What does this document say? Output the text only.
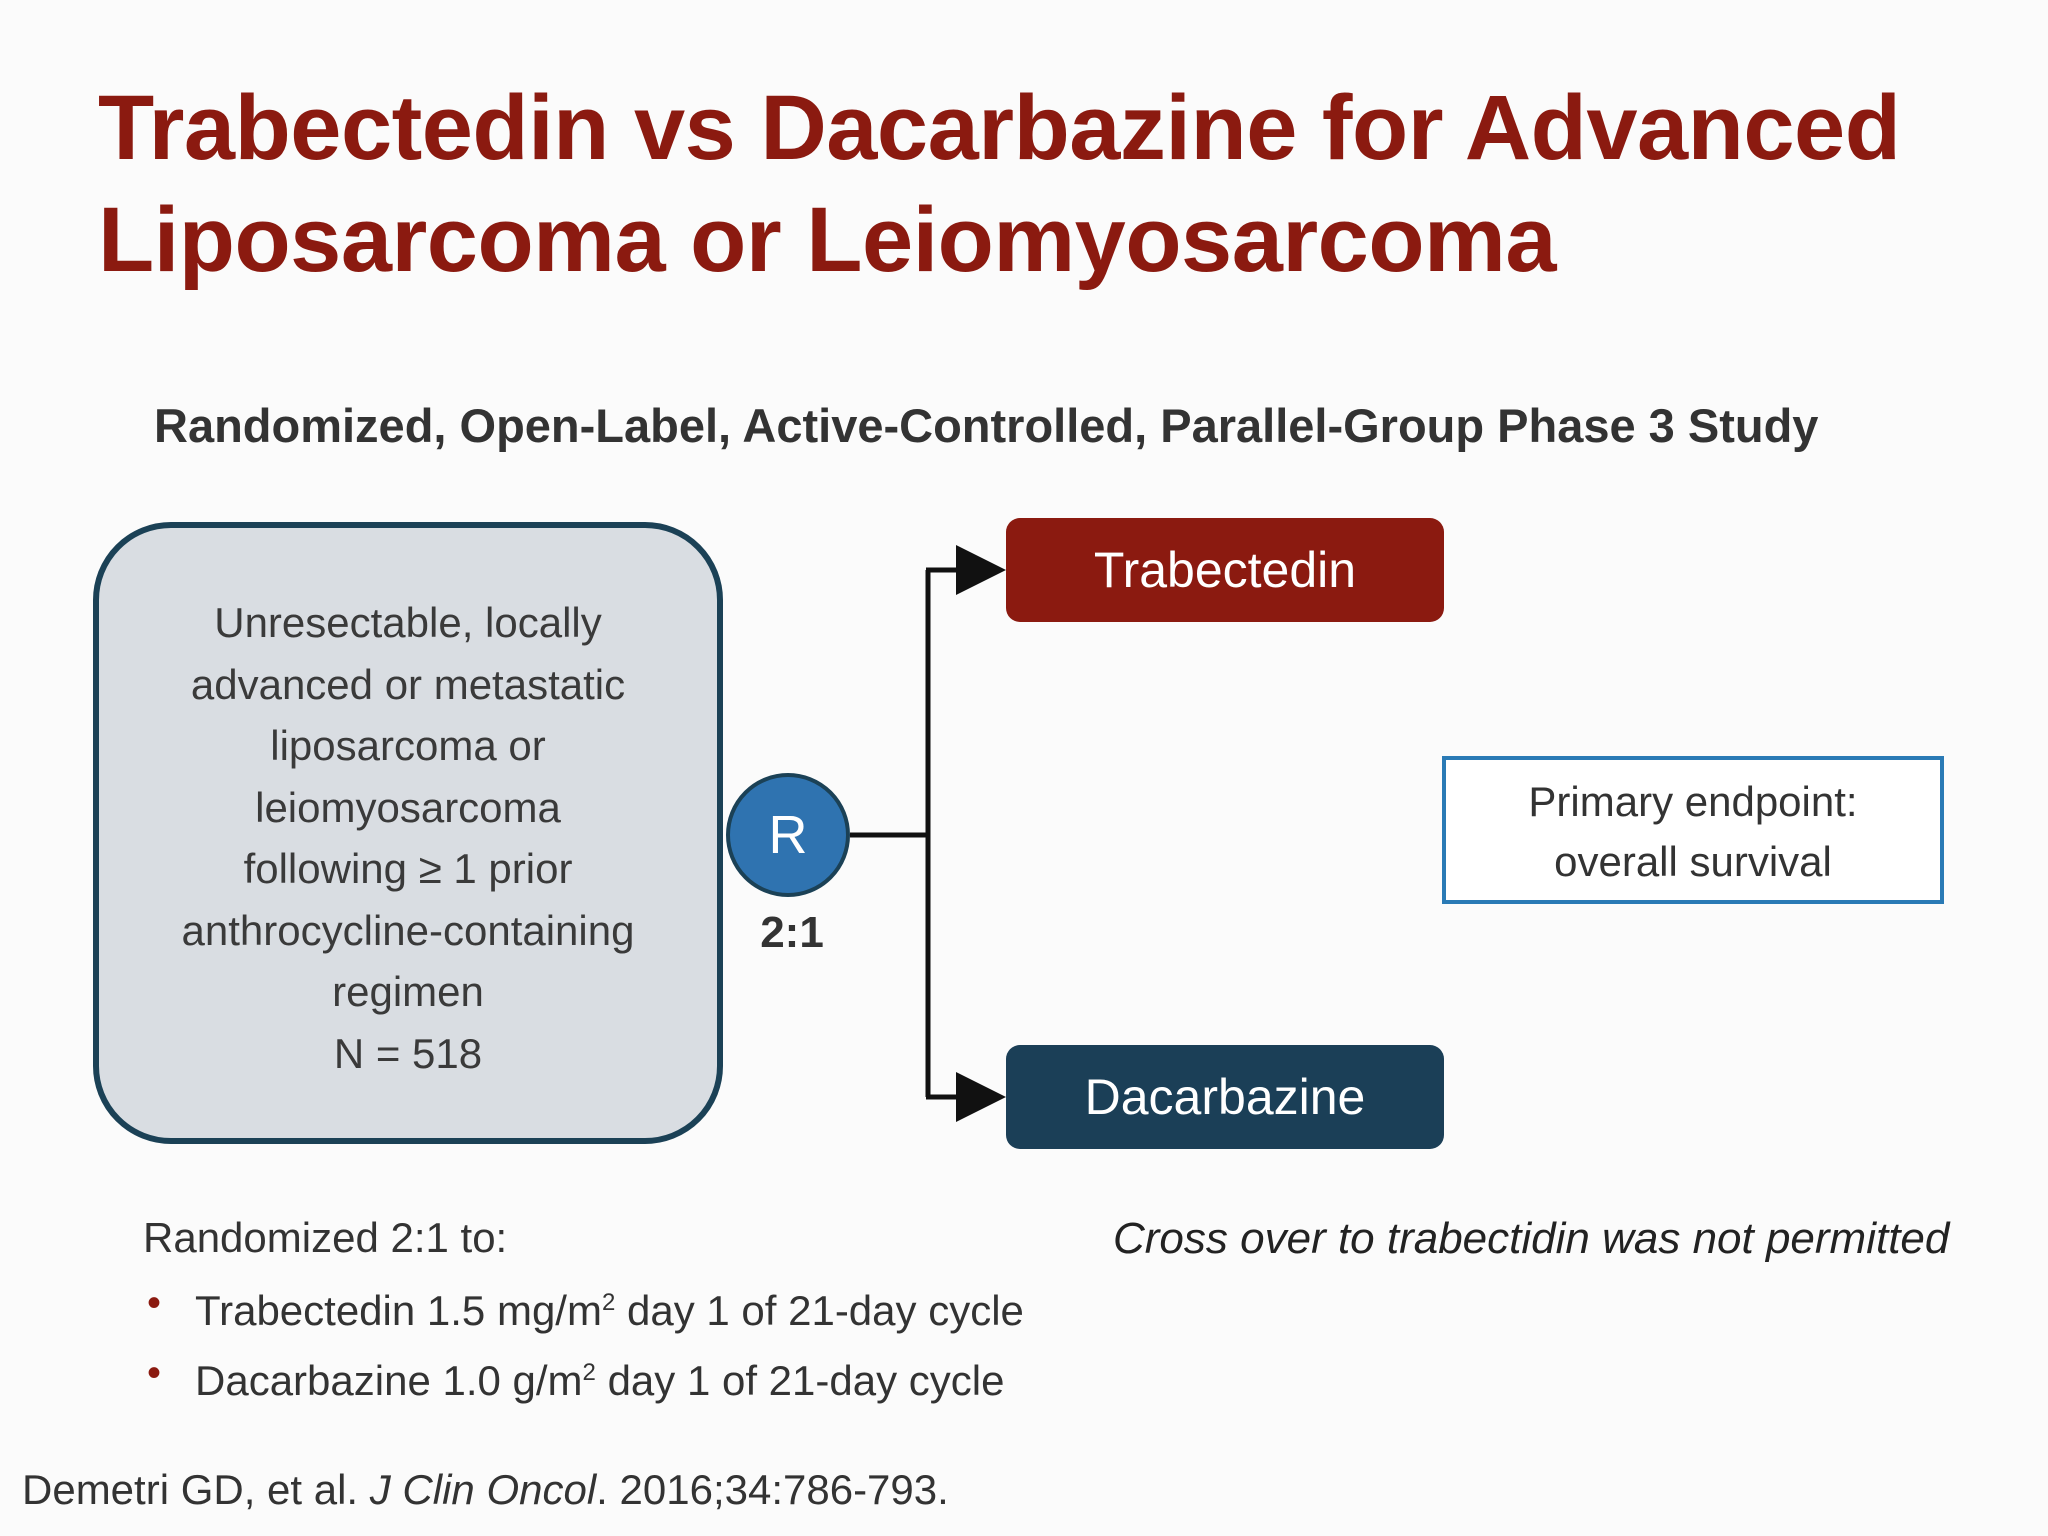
Trabectedin vs Dacarbazine for Advanced
Liposarcoma or Leiomyosarcoma
Randomized, Open-Label, Active-Controlled, Parallel-Group Phase 3 Study
Unresectable, locally
advanced or metastatic
liposarcoma or
leiomyosarcoma
following ≥ 1 prior
anthrocycline-containing
regimen
N = 518
R
2:1
Trabectedin
Dacarbazine
Primary endpoint:
overall survival
Randomized 2:1 to:
• Trabectedin 1.5 $mg/m^2$ day 1 of 21-day cycle
• Dacarbazine 1.0 $g/m^2$ day 1 of 21-day cycle
Cross over to trabectidin was not permitted
Demetri GD, et al. J Clin Oncol. 2016;34:786-793.
